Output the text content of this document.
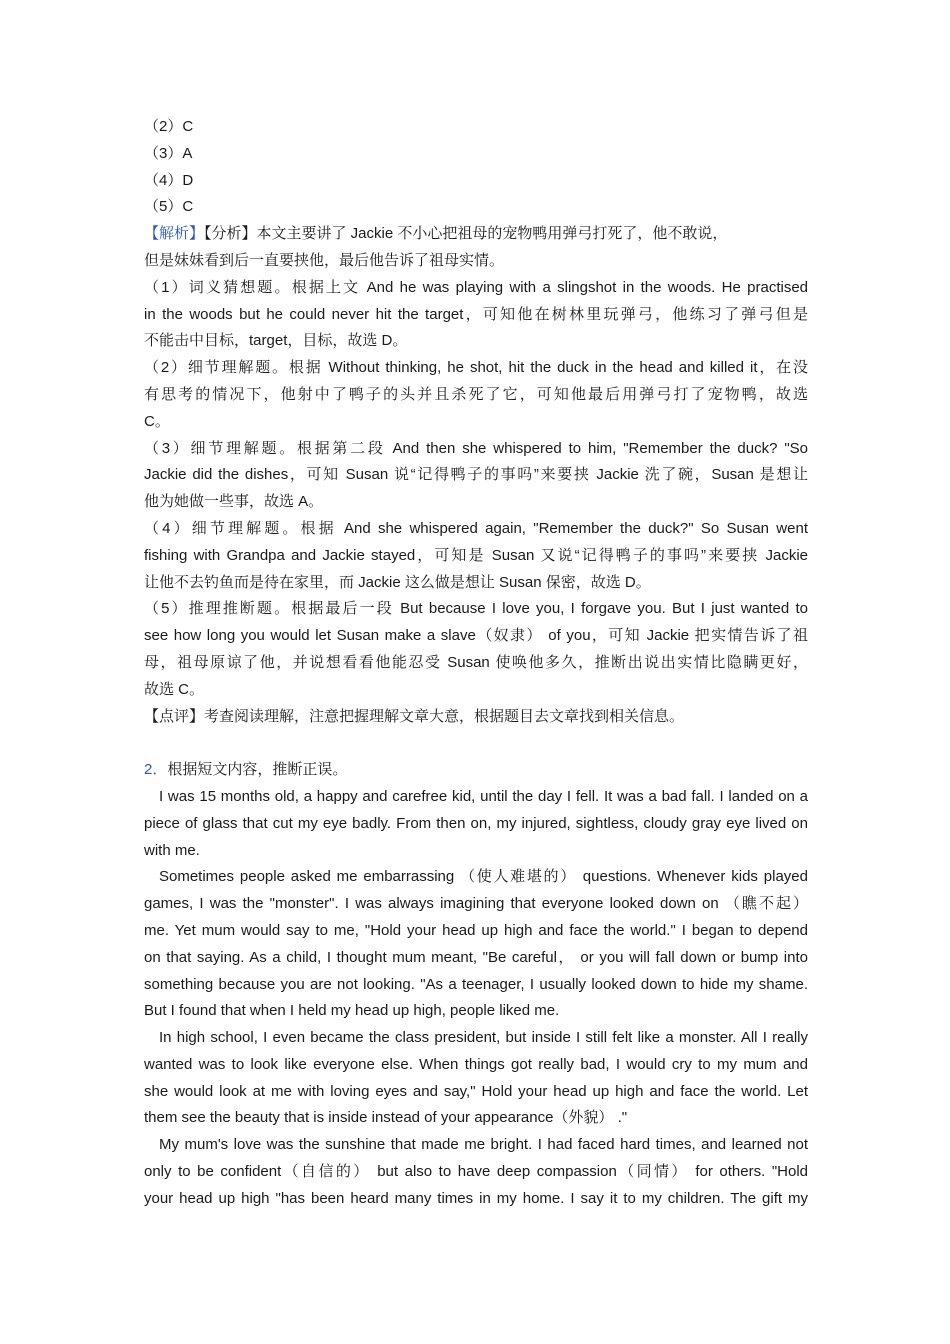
（2）C
（3）A
（4）D
（5）C
【解析】【分析】本文主要讲了 Jackie 不小心把祖母的宠物鸭用弹弓打死了，他不敢说，
但是妹妹看到后一直要挟他，最后他告诉了祖母实情。
（1）词义猜想题。根据上文 And he was playing with a slingshot in the woods. He practised
in the woods but he could never hit the target，可知他在树林里玩弹弓，他练习了弹弓但是
不能击中目标，target，目标，故选 D。
（2）细节理解题。根据 Without thinking, he shot, hit the duck in the head and killed it，在没
有思考的情况下，他射中了鸭子的头并且杀死了它，可知他最后用弹弓打了宠物鸭，故选
C。
（3）细节理解题。根据第二段 And then she whispered to him, "Remember the duck? "So
Jackie did the dishes，可知 Susan 说“记得鸭子的事吗”来要挟 Jackie 洗了碗，Susan 是想让
他为她做一些事，故选 A。
（4）细节理解题。根据 And she whispered again, "Remember the duck?" So Susan went
fishing with Grandpa and Jackie stayed，可知是 Susan 又说“记得鸭子的事吗”来要挟 Jackie
让他不去钓鱼而是待在家里，而 Jackie 这么做是想让 Susan 保密，故选 D。
（5）推理推断题。根据最后一段 But because I love you, I forgave you. But I just wanted to
see how long you would let Susan make a slave（奴隶） of you，可知 Jackie 把实情告诉了祖
母，祖母原谅了他，并说想看看他能忍受 Susan 使唤他多久，推断出说出实情比隐瞒更好，
故选 C。
【点评】考查阅读理解，注意把握理解文章大意，根据题目去文章找到相关信息。
2．根据短文内容，推断正误。
I was 15 months old, a happy and carefree kid, until the day I fell. It was a bad fall. I landed on a
piece of glass that cut my eye badly. From then on, my injured, sightless, cloudy gray eye lived on
with me.
Sometimes people asked me embarrassing （使人难堪的） questions. Whenever kids played
games, I was the "monster". I was always imagining that everyone looked down on （瞧不起）
me. Yet mum would say to me, "Hold your head up high and face the world." I began to depend
on that saying. As a child, I thought mum meant, "Be careful， or you will fall down or bump into
something because you are not looking. "As a teenager, I usually looked down to hide my shame.
But I found that when I held my head up high, people liked me.
In high school, I even became the class president, but inside I still felt like a monster. All I really
wanted was to look like everyone else. When things got really bad, I would cry to my mum and
she would look at me with loving eyes and say," Hold your head up high and face the world. Let
them see the beauty that is inside instead of your appearance（外貌） ."
My mum's love was the sunshine that made me bright. I had faced hard times, and learned not
only to be confident（自信的） but also to have deep compassion（同情） for others. "Hold
your head up high "has been heard many times in my home. I say it to my children. The gift my
